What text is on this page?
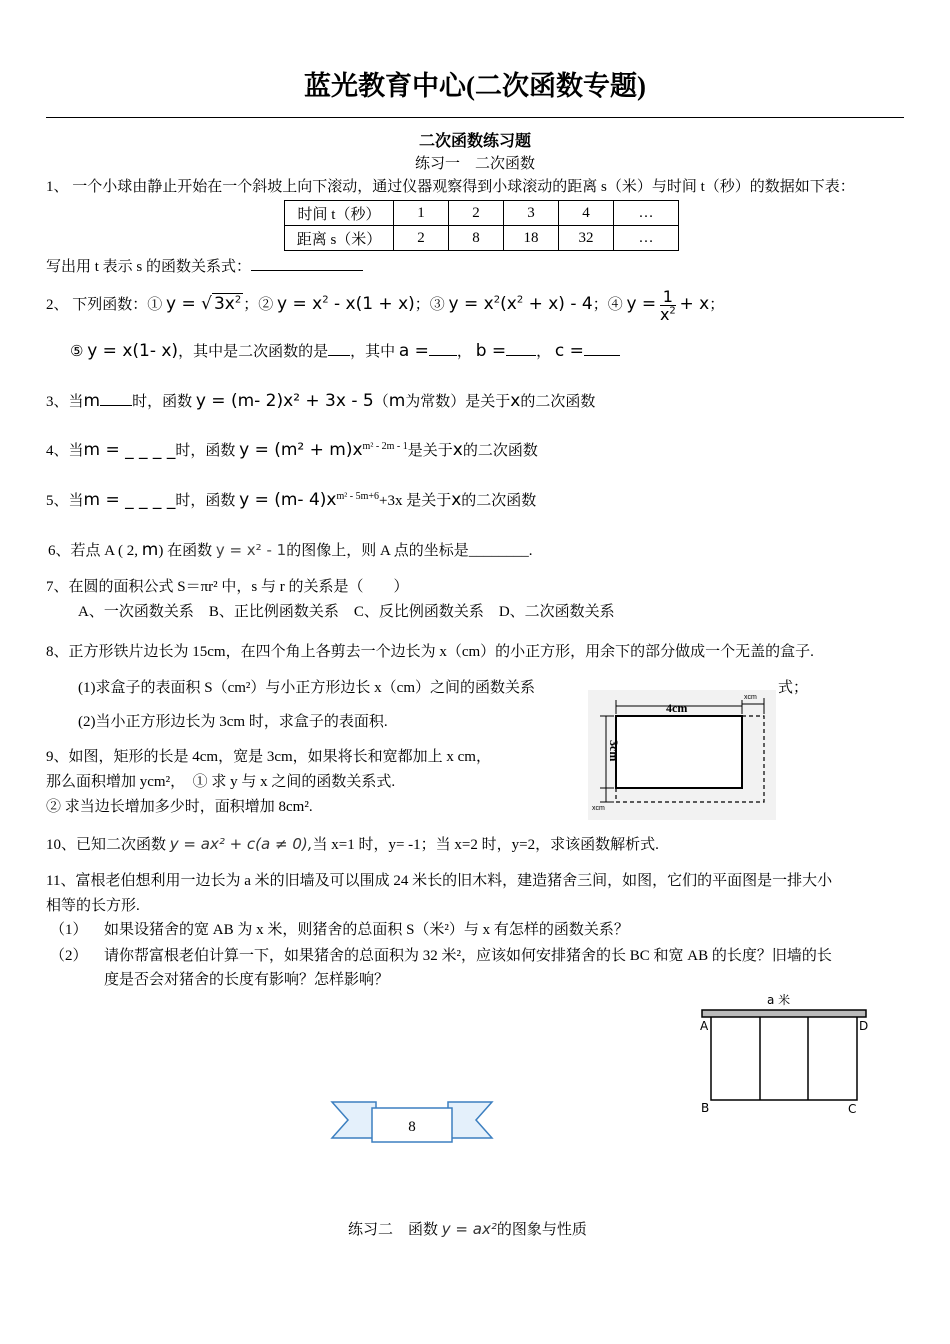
蓝光教育中心(二次函数专题)
二次函数练习题
练习一　二次函数
1、 一个小球由静止开始在一个斜坡上向下滚动，通过仪器观察得到小球滚动的距离 s（米）与时间 t（秒）的数据如下表：
时间 t（秒）	1	2	3	4	…
距离 s（米）	2	8	18	32	…
写出用 t 表示 s 的函数关系式：
2、 下列函数：① y = √ $3x^2$ ；② $y = x^2 - x(1 + x)$；③ $y = x^2(x^2 + x) - 4$；④ $y = \frac{1}{x^2} + x$；
⑤ y = x(1- x)，其中是二次函数的是 ，其中 a = ， b = ， c =
3、当m 时，函数 y = (m- 2)x² + 3x - 5（m为常数）是关于x的二次函数
4、当m = _ _ _ _时，函数 $y = (m^2 + m)x^{m^2 - 2m - 1}$是关于x的二次函数
5、当m = _ _ _ _时，函数 y = (m- $4)x^{m^2 - 5m+6}+3x$ 是关于x的二次函数
6、若点 A ( 2, m) 在函数 y = x² - 1的图像上，则 A 点的坐标是________.
7、在圆的面积公式 S＝πr² 中，s 与 r 的关系是（　　）
A、一次函数关系　B、正比例函数关系　C、反比例函数关系　D、二次函数关系
8、正方形铁片边长为 15cm，在四个角上各剪去一个边长为 x（cm）的小正方形，用余下的部分做成一个无盖的盒子.
(1)求盒子的表面积 S（cm²）与小正方形边长 x（cm）之间的函数关系	式；
(2)当小正方形边长为 3cm 时，求盒子的表面积.
9、如图，矩形的长是 4cm，宽是 3cm，如果将长和宽都加上 x cm，
那么面积增加 ycm²，　① 求 y 与 x 之间的函数关系式.
② 求当边长增加多少时，面积增加 8cm².
4cm
xcm
xcm
3cm
10、已知二次函数 y = ax² + c(a ≠ 0),当 x=1 时，y= -1；当 x=2 时，y=2，求该函数解析式.
11、富根老伯想利用一边长为 a 米的旧墙及可以围成 24 米长的旧木料，建造猪舍三间，如图，它们的平面图是一排大小
相等的长方形.
（1） 如果设猪舍的宽 AB 为 x 米，则猪舍的总面积 S（米²）与 x 有怎样的函数关系？
（2） 请你帮富根老伯计算一下，如果猪舍的总面积为 32 米²，应该如何安排猪舍的长 BC 和宽 AB 的长度？旧墙的长
度是否会对猪舍的长度有影响？怎样影响？
a 米
A	D
B	C
8
练习二　函数 y = ax²的图象与性质
